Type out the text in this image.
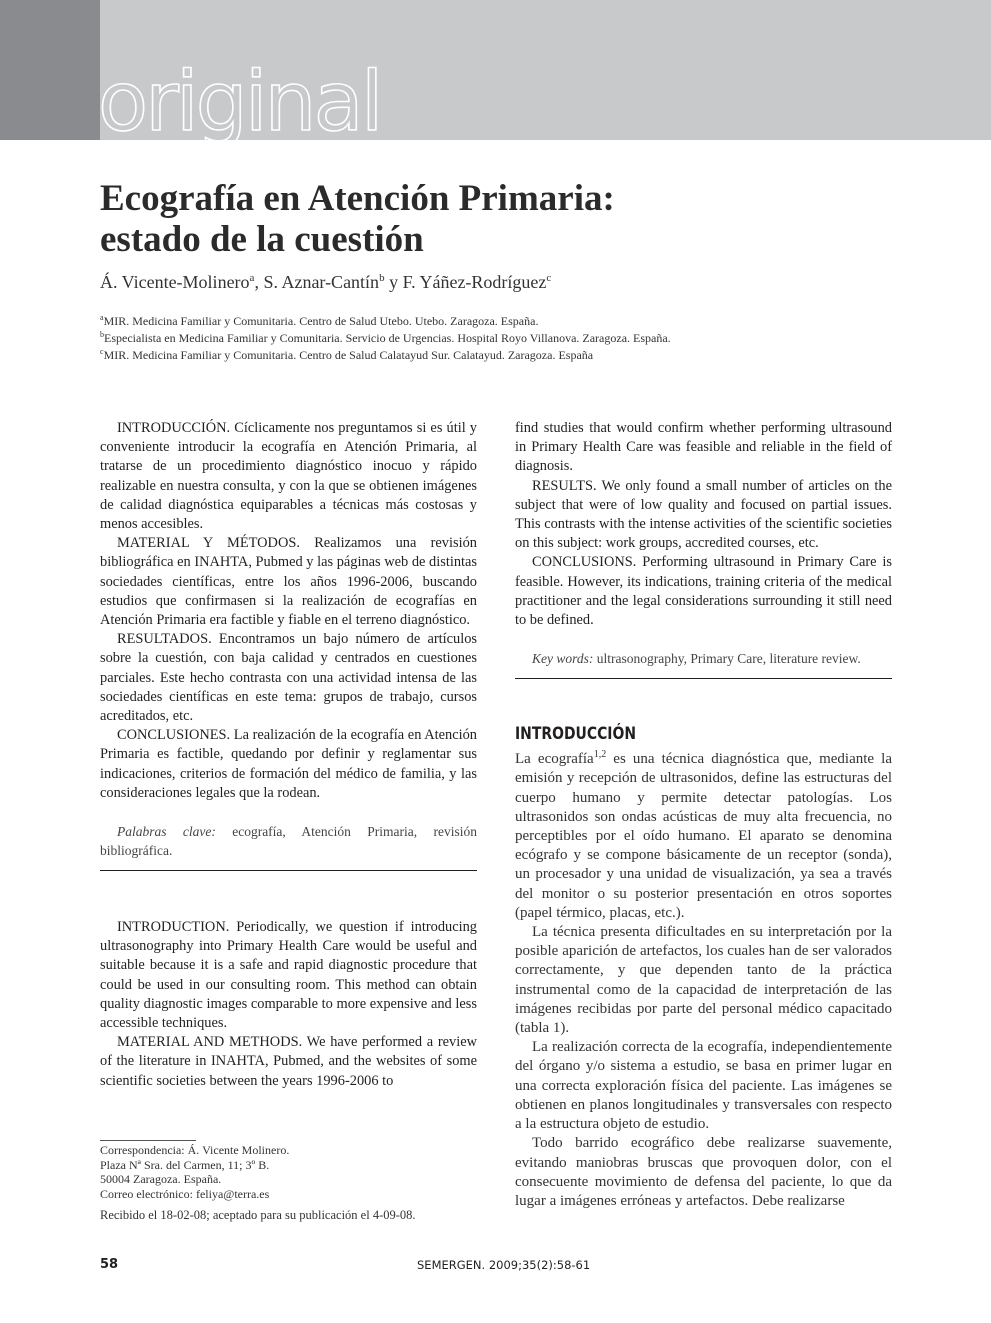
original
Ecografía en Atención Primaria:
estado de la cuestión
Á. Vicente-Molinero$^a$, S. Aznar-Cantín$^b$ y F. Yáñez-Rodríguez$^c$
$^a$MIR. Medicina Familiar y Comunitaria. Centro de Salud Utebo. Utebo. Zaragoza. España.
$^b$Especialista en Medicina Familiar y Comunitaria. Servicio de Urgencias. Hospital Royo Villanova. Zaragoza. España.
$^c$MIR. Medicina Familiar y Comunitaria. Centro de Salud Calatayud Sur. Calatayud. Zaragoza. España

INTRODUCCIÓN. Cíclicamente nos preguntamos si es útil y conveniente introducir la ecografía en Atención Primaria, al tratarse de un procedimiento diagnóstico inocuo y rápido realizable en nuestra consulta, y con la que se obtienen imágenes de calidad diagnóstica equiparables a técnicas más costosas y menos accesibles.

MATERIAL Y MÉTODOS. Realizamos una revisión bibliográfica en INAHTA, Pubmed y las páginas web de distintas sociedades científicas, entre los años 1996-2006, buscando estudios que confirmasen si la realización de ecografías en Atención Primaria era factible y fiable en el terreno diagnóstico.

RESULTADOS. Encontramos un bajo número de artículos sobre la cuestión, con baja calidad y centrados en cuestiones parciales. Este hecho contrasta con una actividad intensa de las sociedades científicas en este tema: grupos de trabajo, cursos acreditados, etc.

CONCLUSIONES. La realización de la ecografía en Atención Primaria es factible, quedando por definir y reglamentar sus indicaciones, criterios de formación del médico de familia, y las consideraciones legales que la rodean.

Palabras clave: ecografía, Atención Primaria, revisión bibliográfica.

INTRODUCTION. Periodically, we question if introducing ultrasonography into Primary Health Care would be useful and suitable because it is a safe and rapid diagnostic procedure that could be used in our consulting room. This method can obtain quality diagnostic images comparable to more expensive and less accessible techniques.

MATERIAL AND METHODS. We have performed a review of the literature in INAHTA, Pubmed, and the websites of some scientific societies between the years 1996-2006 to

find studies that would confirm whether performing ultrasound in Primary Health Care was feasible and reliable in the field of diagnosis.

RESULTS. We only found a small number of articles on the subject that were of low quality and focused on partial issues. This contrasts with the intense activities of the scientific societies on this subject: work groups, accredited courses, etc.

CONCLUSIONS. Performing ultrasound in Primary Care is feasible. However, its indications, training criteria of the medical practitioner and the legal considerations surrounding it still need to be defined.

Key words: ultrasonography, Primary Care, literature review.

INTRODUCCIÓN

La ecografía$^{1,2}$ es una técnica diagnóstica que, mediante la emisión y recepción de ultrasonidos, define las estructuras del cuerpo humano y permite detectar patologías. Los ultrasonidos son ondas acústicas de muy alta frecuencia, no perceptibles por el oído humano. El aparato se denomina ecógrafo y se compone básicamente de un receptor (sonda), un procesador y una unidad de visualización, ya sea a través del monitor o su posterior presentación en otros soportes (papel térmico, placas, etc.).

La técnica presenta dificultades en su interpretación por la posible aparición de artefactos, los cuales han de ser valorados correctamente, y que dependen tanto de la práctica instrumental como de la capacidad de interpretación de las imágenes recibidas por parte del personal médico capacitado (tabla 1).

La realización correcta de la ecografía, independientemente del órgano y/o sistema a estudio, se basa en primer lugar en una correcta exploración física del paciente. Las imágenes se obtienen en planos longitudinales y transversales con respecto a la estructura objeto de estudio.

Todo barrido ecográfico debe realizarse suavemente, evitando maniobras bruscas que provoquen dolor, con el consecuente movimiento de defensa del paciente, lo que da lugar a imágenes erróneas y artefactos. Debe realizarse

Correspondencia: Á. Vicente Molinero.
Plaza Nª Sra. del Carmen, 11; 3º B.
50004 Zaragoza. España.
Correo electrónico: feliya@terra.es
Recibido el 18-02-08; aceptado para su publicación el 4-09-08.
58	SEMERGEN. 2009;35(2):58-61
